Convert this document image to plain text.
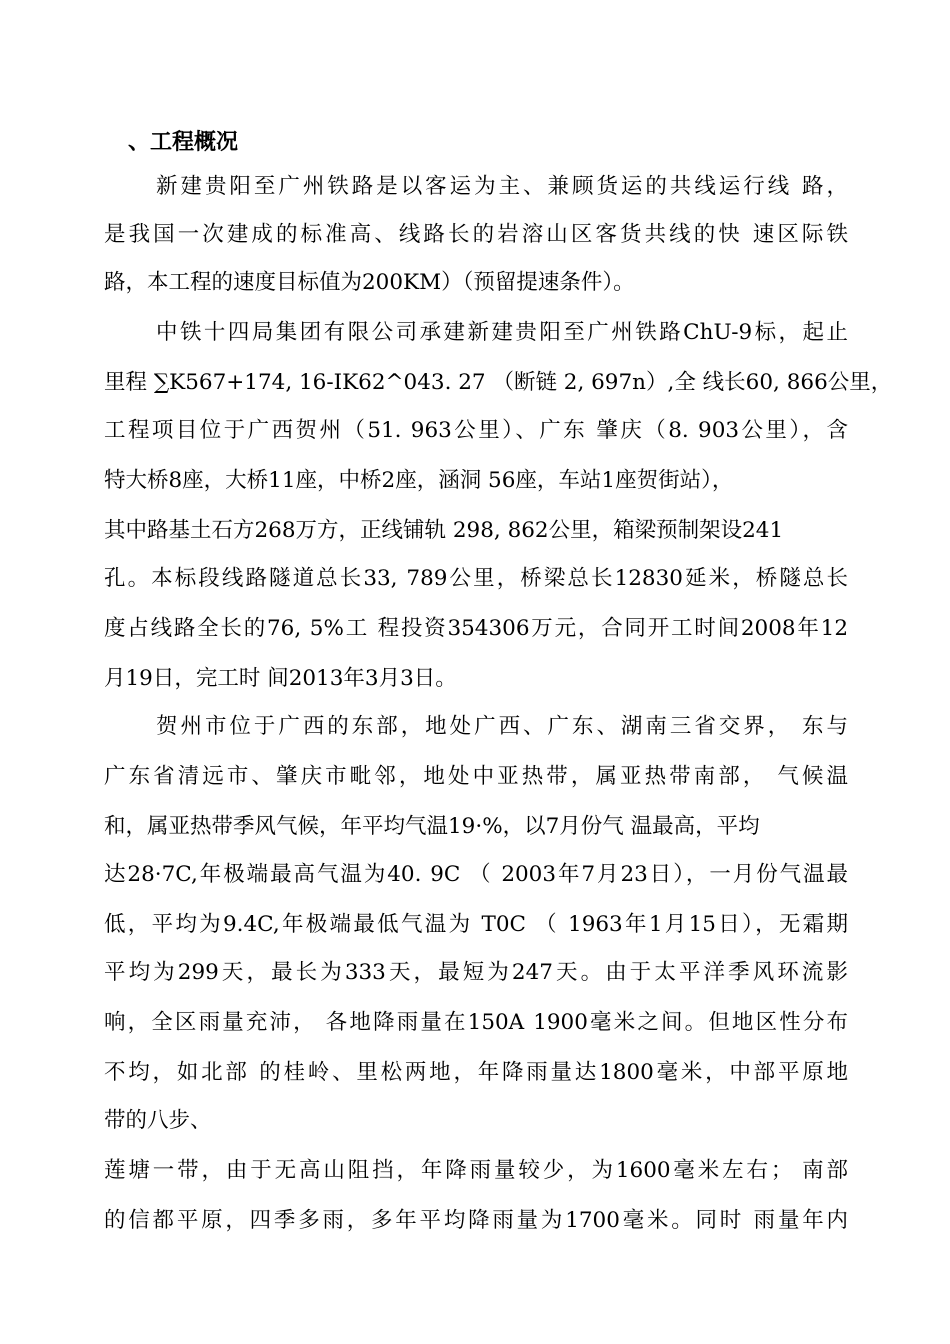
、工程概况
新建贵阳至广州铁路是以客运为主、兼顾货运的共线运行线 路，
是我国一次建成的标准高、线路长的岩溶山区客货共线的快 速区际铁
路，本工程的速度目标值为200KM）（预留提速条件）。
中铁十四局集团有限公司承建新建贵阳至广州铁路ChU-9标，起止
里程 ∑K567+174, 16-IK62^043. 27 （断链 2, 697n）,全 线长60, 866公里，
工程项目位于广西贺州（51. 963公里）、广东 肇庆（8. 903公里），含
特大桥8座，大桥11座，中桥2座，涵洞 56座，车站1座贺街站），
其中路基土石方268万方，正线铺轨 298, 862公里，箱梁预制架设241
孔。本标段线路隧道总长33, 789公里，桥梁总长12830延米，桥隧总长
度占线路全长的76, 5%工 程投资354306万元，合同开工时间2008年12
月19日，完工时 间2013年3月3日。
贺州市位于广西的东部，地处广西、广东、湖南三省交界， 东与
广东省清远市、肇庆市毗邻，地处中亚热带，属亚热带南部， 气候温
和，属亚热带季风气候，年平均气温19·%，以7月份气 温最高，平均
达28·7C,年极端最高气温为40. 9C （ 2003年7月23日），一月份气温最
低，平均为9.4C,年极端最低气温为 T0C （ 1963年1月15日），无霜期
平均为299天，最长为333天，最短为247天。由于太平洋季风环流影
响，全区雨量充沛， 各地降雨量在150A 1900毫米之间。但地区性分布
不均，如北部 的桂岭、里松两地，年降雨量达1800毫米，中部平原地
带的八步、
莲塘一带，由于无高山阻挡，年降雨量较少，为1600毫米左右； 南部
的信都平原，四季多雨，多年平均降雨量为1700毫米。同时 雨量年内
